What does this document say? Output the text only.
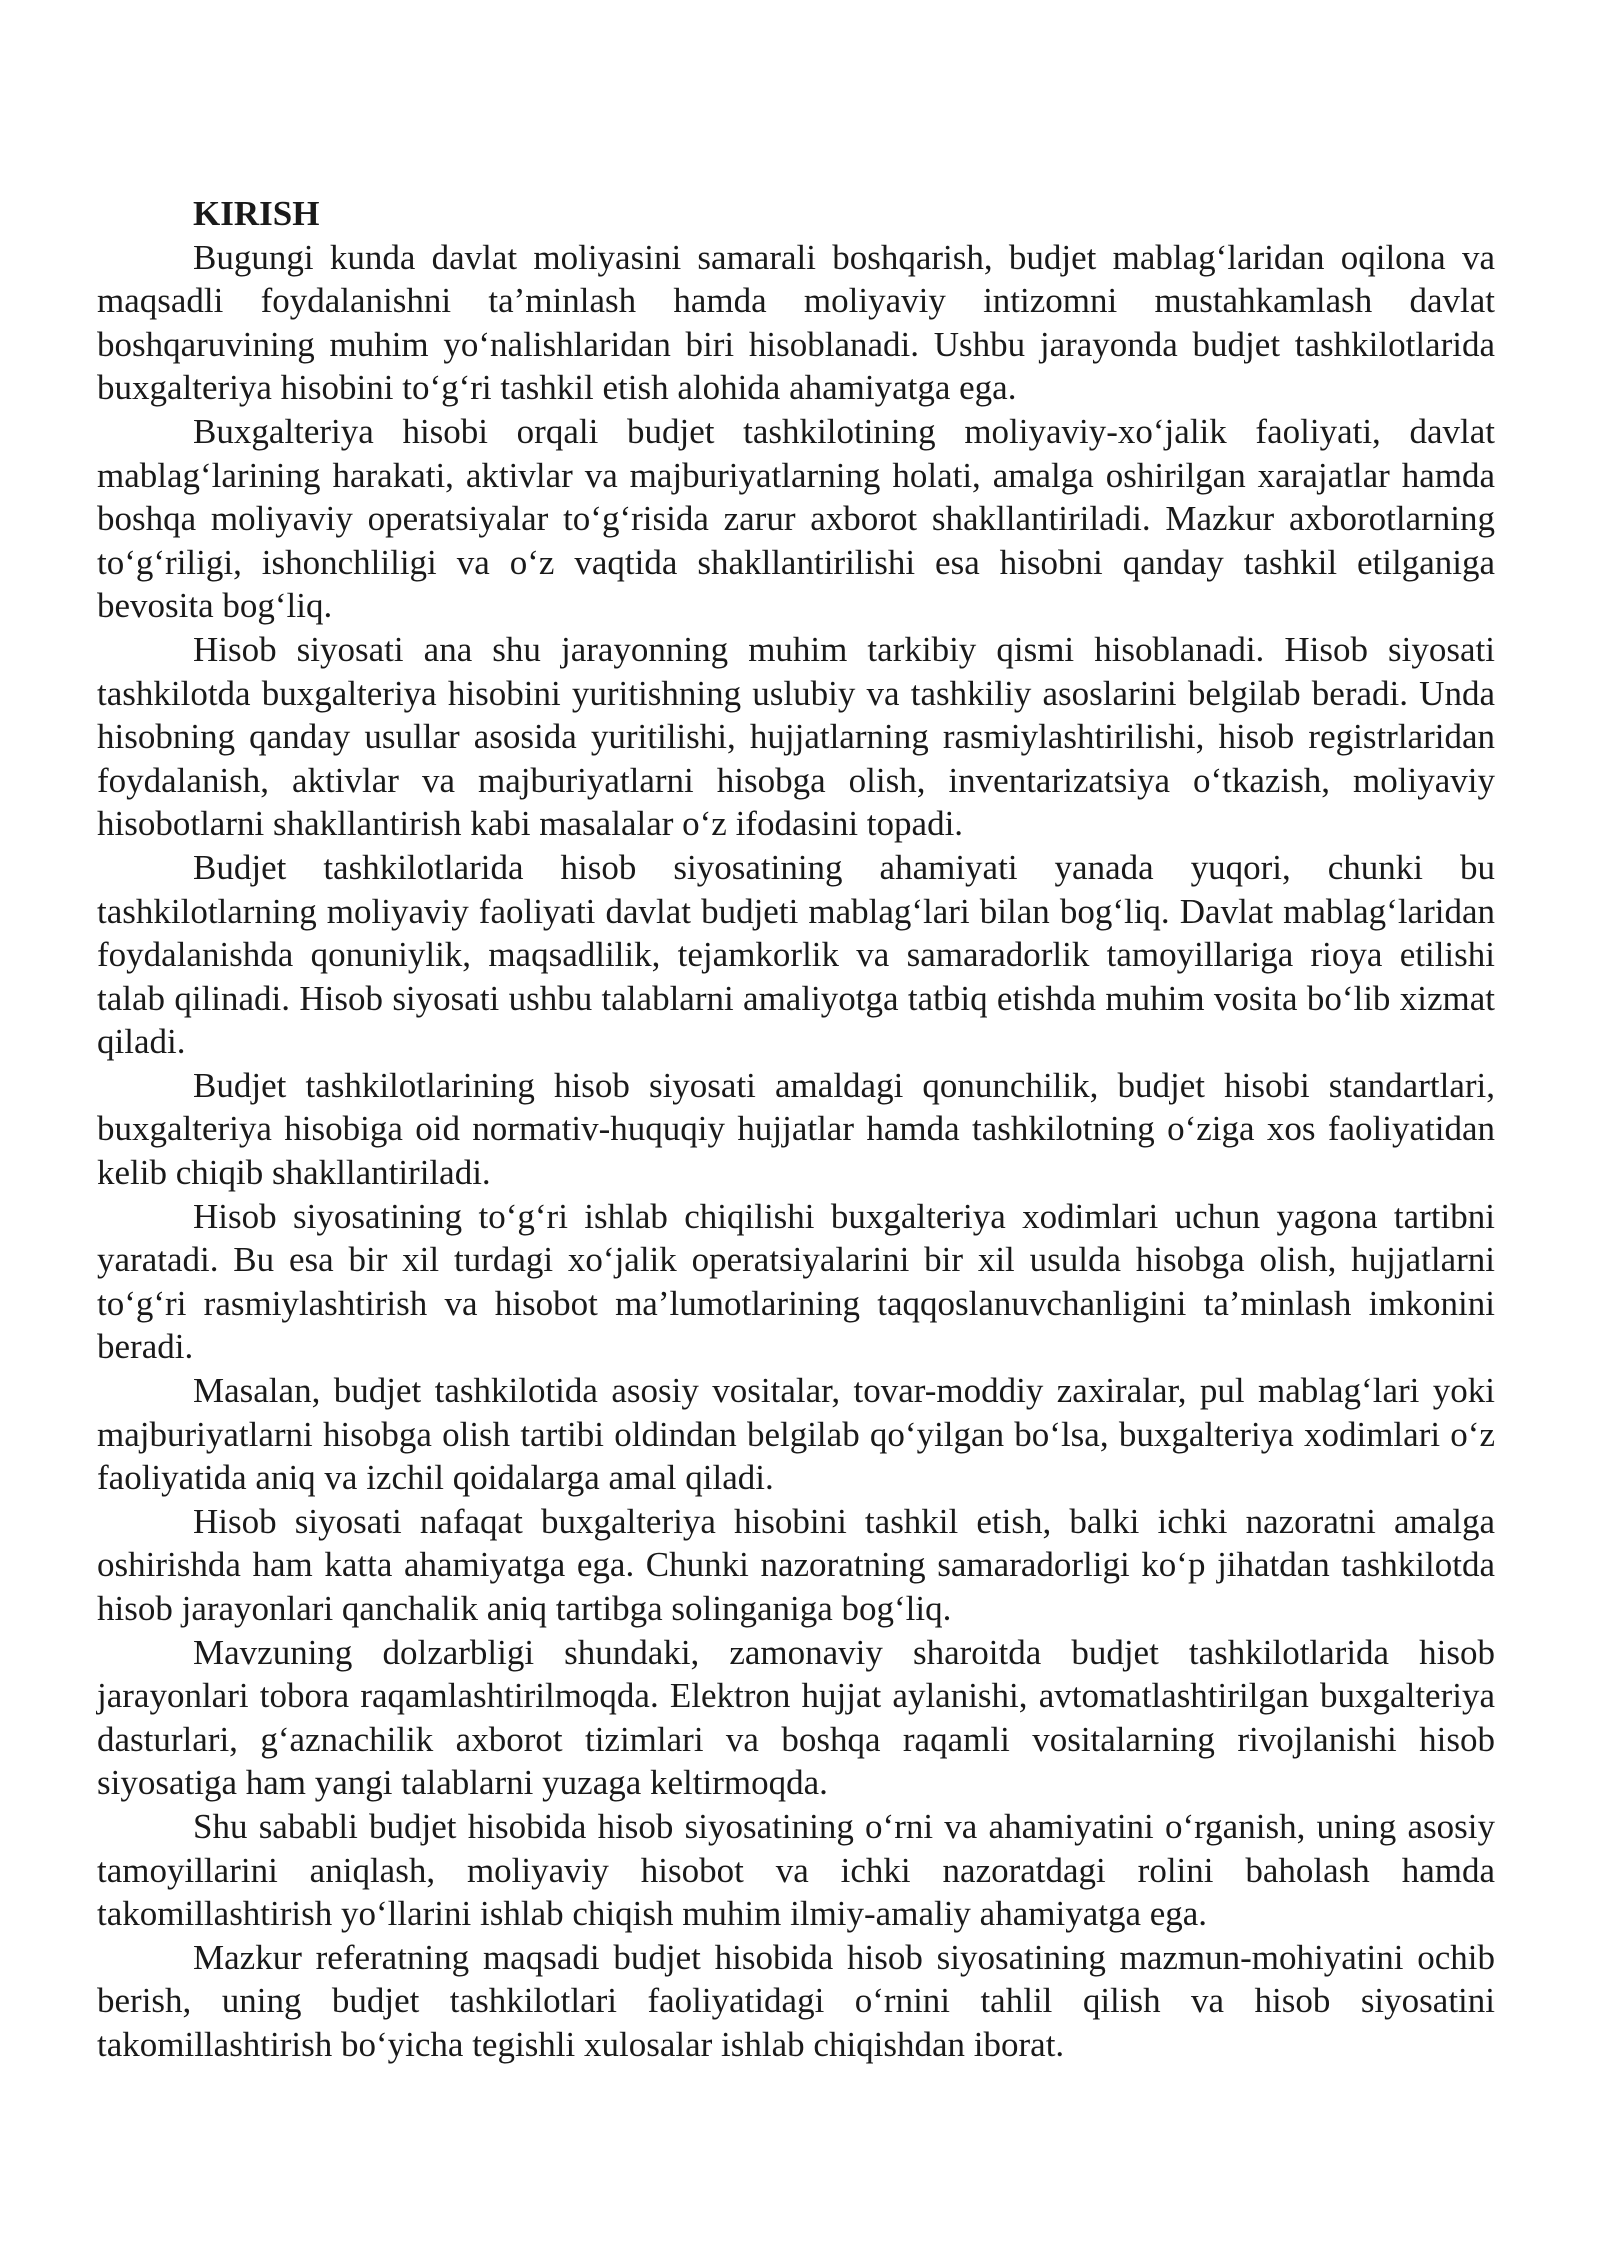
KIRISH

Bugungi kunda davlat moliyasini samarali boshqarish, budjet mablag‘laridan oqilona va maqsadli foydalanishni ta’minlash hamda moliyaviy intizomni mustahkamlash davlat boshqaruvining muhim yo‘nalishlaridan biri hisoblanadi. Ushbu jarayonda budjet tashkilotlarida buxgalteriya hisobini to‘g‘ri tashkil etish alohida ahamiyatga ega.

Buxgalteriya hisobi orqali budjet tashkilotining moliyaviy-xo‘jalik faoliyati, davlat mablag‘larining harakati, aktivlar va majburiyatlarning holati, amalga oshirilgan xarajatlar hamda boshqa moliyaviy operatsiyalar to‘g‘risida zarur axborot shakllantiriladi. Mazkur axborotlarning to‘g‘riligi, ishonchliligi va o‘z vaqtida shakllantirilishi esa hisobni qanday tashkil etilganiga bevosita bog‘liq.

Hisob siyosati ana shu jarayonning muhim tarkibiy qismi hisoblanadi. Hisob siyosati tashkilotda buxgalteriya hisobini yuritishning uslubiy va tashkiliy asoslarini belgilab beradi. Unda hisobning qanday usullar asosida yuritilishi, hujjatlarning rasmiylashtirilishi, hisob registrlaridan foydalanish, aktivlar va majburiyatlarni hisobga olish, inventarizatsiya o‘tkazish, moliyaviy hisobotlarni shakllantirish kabi masalalar o‘z ifodasini topadi.

Budjet tashkilotlarida hisob siyosatining ahamiyati yanada yuqori, chunki bu tashkilotlarning moliyaviy faoliyati davlat budjeti mablag‘lari bilan bog‘liq. Davlat mablag‘laridan foydalanishda qonuniylik, maqsadlilik, tejamkorlik va samaradorlik tamoyillariga rioya etilishi talab qilinadi. Hisob siyosati ushbu talablarni amaliyotga tatbiq etishda muhim vosita bo‘lib xizmat qiladi.

Budjet tashkilotlarining hisob siyosati amaldagi qonunchilik, budjet hisobi standartlari, buxgalteriya hisobiga oid normativ-huquqiy hujjatlar hamda tashkilotning o‘ziga xos faoliyatidan kelib chiqib shakllantiriladi.

Hisob siyosatining to‘g‘ri ishlab chiqilishi buxgalteriya xodimlari uchun yagona tartibni yaratadi. Bu esa bir xil turdagi xo‘jalik operatsiyalarini bir xil usulda hisobga olish, hujjatlarni to‘g‘ri rasmiylashtirish va hisobot ma’lumotlarining taqqoslanuvchanligini ta’minlash imkonini beradi.

Masalan, budjet tashkilotida asosiy vositalar, tovar-moddiy zaxiralar, pul mablag‘lari yoki majburiyatlarni hisobga olish tartibi oldindan belgilab qo‘yilgan bo‘lsa, buxgalteriya xodimlari o‘z faoliyatida aniq va izchil qoidalarga amal qiladi.

Hisob siyosati nafaqat buxgalteriya hisobini tashkil etish, balki ichki nazoratni amalga oshirishda ham katta ahamiyatga ega. Chunki nazoratning samaradorligi ko‘p jihatdan tashkilotda hisob jarayonlari qanchalik aniq tartibga solinganiga bog‘liq.

Mavzuning dolzarbligi shundaki, zamonaviy sharoitda budjet tashkilotlarida hisob jarayonlari tobora raqamlashtirilmoqda. Elektron hujjat aylanishi, avtomatlashtirilgan buxgalteriya dasturlari, g‘aznachilik axborot tizimlari va boshqa raqamli vositalarning rivojlanishi hisob siyosatiga ham yangi talablarni yuzaga keltirmoqda.

Shu sababli budjet hisobida hisob siyosatining o‘rni va ahamiyatini o‘rganish, uning asosiy tamoyillarini aniqlash, moliyaviy hisobot va ichki nazoratdagi rolini baholash hamda takomillashtirish yo‘llarini ishlab chiqish muhim ilmiy-amaliy ahamiyatga ega.

Mazkur referatning maqsadi budjet hisobida hisob siyosatining mazmun-mohiyatini ochib berish, uning budjet tashkilotlari faoliyatidagi o‘rnini tahlil qilish va hisob siyosatini takomillashtirish bo‘yicha tegishli xulosalar ishlab chiqishdan iborat.
